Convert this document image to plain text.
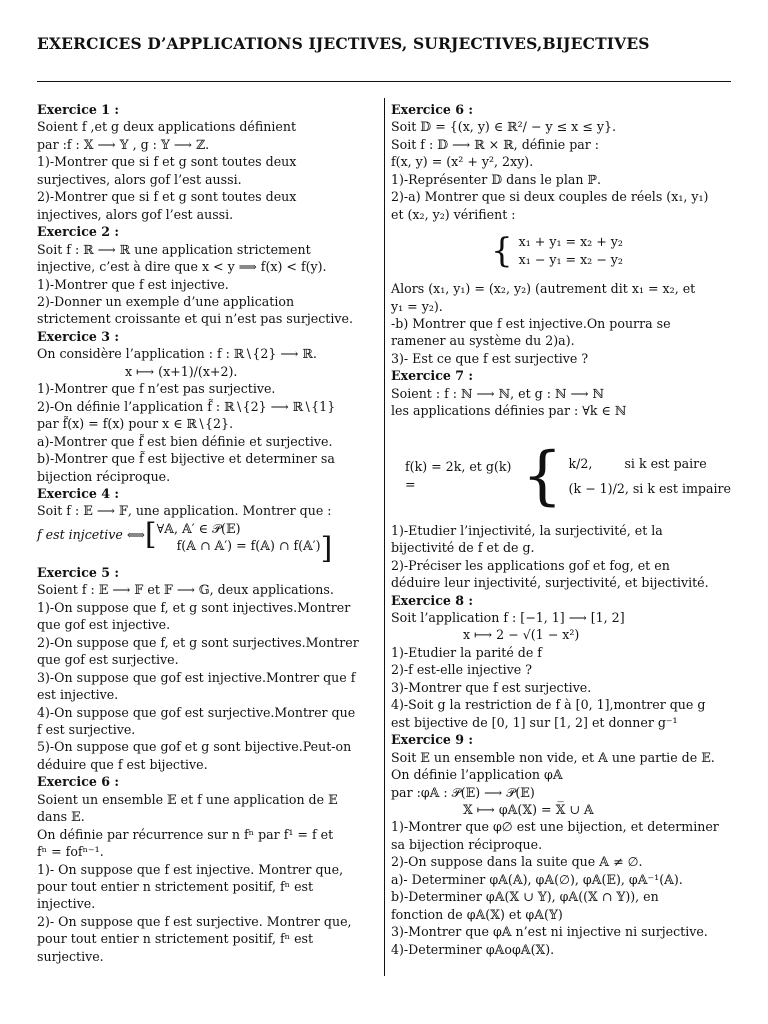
EXERCICES D’APPLICATIONS IJECTIVES, SURJECTIVES,BIJECTIVES
Exercice 1 :
Soient f ,et g deux applications définient
par :f : 𝕏 ⟶ 𝕐 , g : 𝕐 ⟶ ℤ.
1)-Montrer que si f et g sont toutes deux
surjectives, alors gof l’est aussi.
2)-Montrer que si f et g sont toutes deux
injectives, alors gof l’est aussi.
Exercice 2 :
Soit f : ℝ ⟶ ℝ une application strictement
injective, c’est à dire que x < y ⟹ f(x) < f(y).
1)-Montrer que f est injective.
2)-Donner un exemple d’une application
strictement croissante et qui n’est pas surjective.
Exercice 3 :
On considère l’application : f : ℝ∖{2} ⟶ ℝ.
x ⟼ (x+1)/(x+2).
1)-Montrer que f n’est pas surjective.
2)-On définie l’application f̃ : ℝ∖{2} ⟶ ℝ∖{1}
par f̃(x) = f(x) pour x ∈ ℝ∖{2}.
a)-Montrer que f̃ est bien définie et surjective.
b)-Montrer que f̃ est bijective et determiner sa
bijection réciproque.
Exercice 4 :
Soit f : 𝔼 ⟶ 𝔽, une application. Montrer que :
f est injcetive ⟺ [ ∀𝔸, 𝔸′ ∈ 𝒫(𝔼)
f(𝔸 ∩ 𝔸′) = f(𝔸) ∩ f(𝔸′) ]
Exercice 5 :
Soient f : 𝔼 ⟶ 𝔽 et 𝔽 ⟶ 𝔾, deux applications.
1)-On suppose que f, et g sont injectives.Montrer
que gof est injective.
2)-On suppose que f, et g sont surjectives.Montrer
que gof est surjective.
3)-On suppose que gof est injective.Montrer que f
est injective.
4)-On suppose que gof est surjective.Montrer que
f est surjective.
5)-On suppose que gof et g sont bijective.Peut-on
déduire que f est bijective.
Exercice 6 :
Soient un ensemble 𝔼 et f une application de 𝔼
dans 𝔼.
On définie par récurrence sur n fⁿ par f¹ = f et
fⁿ = fofⁿ⁻¹.
1)- On suppose que f est injective. Montrer que,
pour tout entier n strictement positif, fⁿ est
injective.
2)- On suppose que f est surjective. Montrer que,
pour tout entier n strictement positif, fⁿ est
surjective.
Exercice 6 :
Soit 𝔻 = {(x, y) ∈ ℝ²/ − y ≤ x ≤ y}.
Soit f : 𝔻 ⟶ ℝ × ℝ, définie par :
f(x, y) = (x² + y², 2xy).
1)-Représenter 𝔻 dans le plan ℙ.
2)-a) Montrer que si deux couples de réels (x₁, y₁)
et (x₂, y₂) vérifient :
{ x₁ + y₁ = x₂ + y₂
x₁ − y₁ = x₂ − y₂
Alors (x₁, y₁) = (x₂, y₂) (autrement dit x₁ = x₂, et
y₁ = y₂).
-b) Montrer que f est injective.On pourra se
ramener au système du 2)a).
3)- Est ce que f est surjective ?
Exercice 7 :
Soient : f : ℕ ⟶ ℕ, et g : ℕ ⟶ ℕ
les applications définies par : ∀k ∈ ℕ
f(k) = 2k, et g(k) =	{ k/2,        si k est paire
(k − 1)/2, si k est impaire
1)-Etudier l’injectivité, la surjectivité, et la
bijectivité de f et de g.
2)-Préciser les applications gof et fog, et en
déduire leur injectivité, surjectivité, et bijectivité.
Exercice 8 :
Soit l’application f : [−1, 1] ⟶ [1, 2]
x ⟼ 2 − √(1 − x²)
1)-Etudier la parité de f
2)-f est-elle injective ?
3)-Montrer que f est surjective.
4)-Soit g la restriction de f à [0, 1],montrer que g
est bijective de [0, 1] sur [1, 2] et donner g⁻¹
Exercice 9 :
Soit 𝔼 un ensemble non vide, et 𝔸 une partie de 𝔼.
On définie l’application φ𝔸
par :φ𝔸 : 𝒫(𝔼) ⟶ 𝒫(𝔼)
𝕏 ⟼ φ𝔸(𝕏) = 𝕏̅ ∪ 𝔸
1)-Montrer que φ∅ est une bijection, et determiner
sa bijection réciproque.
2)-On suppose dans la suite que 𝔸 ≠ ∅.
a)- Determiner φ𝔸(𝔸), φ𝔸(∅), φ𝔸(𝔼), φ𝔸⁻¹(𝔸).
b)-Determiner φ𝔸(𝕏 ∪ 𝕐), φ𝔸((𝕏 ∩ 𝕐)), en
fonction de φ𝔸(𝕏) et φ𝔸(𝕐)
3)-Montrer que φ𝔸 n’est ni injective ni surjective.
4)-Determiner φ𝔸oφ𝔸(𝕏).
